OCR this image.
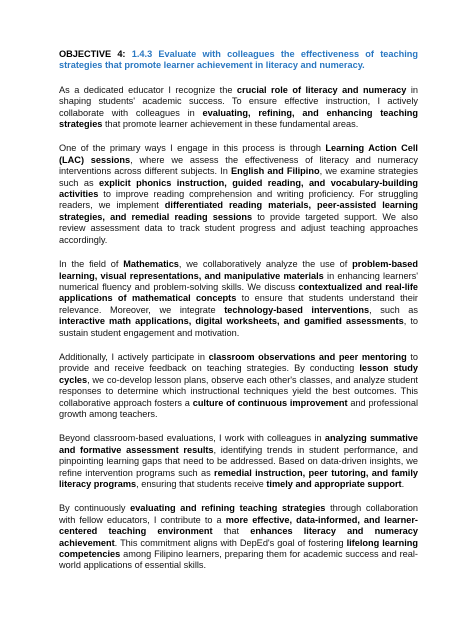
OBJECTIVE 4: 1.4.3 Evaluate with colleagues the effectiveness of teaching strategies that promote learner achievement in literacy and numeracy.

As a dedicated educator I recognize the crucial role of literacy and numeracy in shaping students' academic success. To ensure effective instruction, I actively collaborate with colleagues in evaluating, refining, and enhancing teaching strategies that promote learner achievement in these fundamental areas.

One of the primary ways I engage in this process is through Learning Action Cell (LAC) sessions, where we assess the effectiveness of literacy and numeracy interventions across different subjects. In English and Filipino, we examine strategies such as explicit phonics instruction, guided reading, and vocabulary-building activities to improve reading comprehension and writing proficiency. For struggling readers, we implement differentiated reading materials, peer-assisted learning strategies, and remedial reading sessions to provide targeted support. We also review assessment data to track student progress and adjust teaching approaches accordingly.

In the field of Mathematics, we collaboratively analyze the use of problem-based learning, visual representations, and manipulative materials in enhancing learners' numerical fluency and problem-solving skills. We discuss contextualized and real-life applications of mathematical concepts to ensure that students understand their relevance. Moreover, we integrate technology-based interventions, such as interactive math applications, digital worksheets, and gamified assessments, to sustain student engagement and motivation.

Additionally, I actively participate in classroom observations and peer mentoring to provide and receive feedback on teaching strategies. By conducting lesson study cycles, we co-develop lesson plans, observe each other's classes, and analyze student responses to determine which instructional techniques yield the best outcomes. This collaborative approach fosters a culture of continuous improvement and professional growth among teachers.

Beyond classroom-based evaluations, I work with colleagues in analyzing summative and formative assessment results, identifying trends in student performance, and pinpointing learning gaps that need to be addressed. Based on data-driven insights, we refine intervention programs such as remedial instruction, peer tutoring, and family literacy programs, ensuring that students receive timely and appropriate support.

By continuously evaluating and refining teaching strategies through collaboration with fellow educators, I contribute to a more effective, data-informed, and learner-centered teaching environment that enhances literacy and numeracy achievement. This commitment aligns with DepEd's goal of fostering lifelong learning competencies among Filipino learners, preparing them for academic success and real-world applications of essential skills.
